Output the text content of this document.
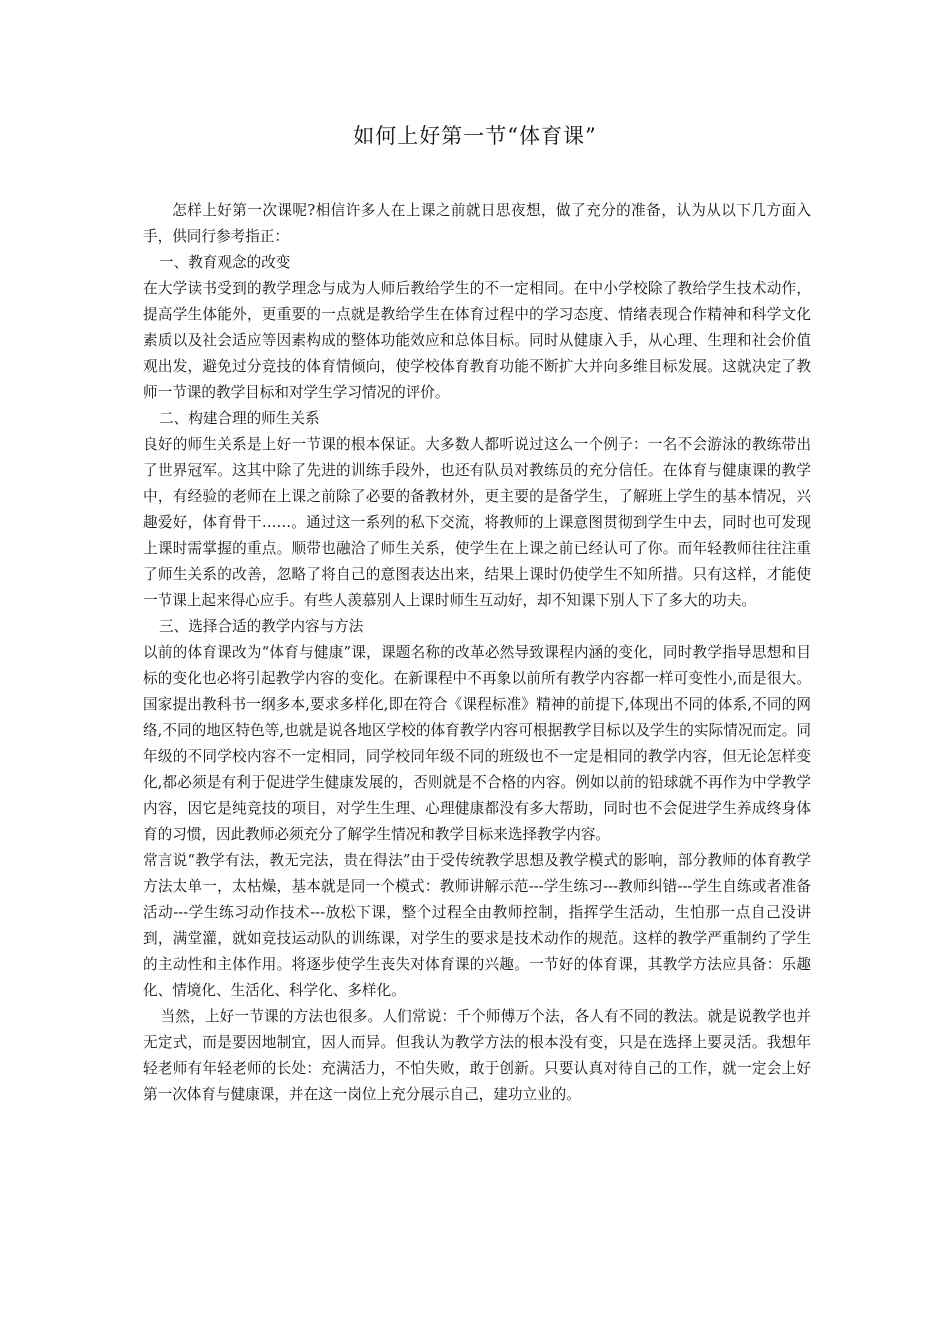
如何上好第一节“体育课”

怎样上好第一次课呢?相信许多人在上课之前就日思夜想，做了充分的准备，认为从以下几方面入手，供同行参考指正：

一、教育观念的改变

在大学读书受到的教学理念与成为人师后教给学生的不一定相同。在中小学校除了教给学生技术动作，提高学生体能外，更重要的一点就是教给学生在体育过程中的学习态度、情绪表现合作精神和科学文化素质以及社会适应等因素构成的整体功能效应和总体目标。同时从健康入手，从心理、生理和社会价值观出发，避免过分竞技的体育情倾向，使学校体育教育功能不断扩大并向多维目标发展。这就决定了教师一节课的教学目标和对学生学习情况的评价。

二、构建合理的师生关系

良好的师生关系是上好一节课的根本保证。大多数人都听说过这么一个例子：一名不会游泳的教练带出了世界冠军。这其中除了先进的训练手段外，也还有队员对教练员的充分信任。在体育与健康课的教学中，有经验的老师在上课之前除了必要的备教材外，更主要的是备学生，了解班上学生的基本情况，兴趣爱好，体育骨干……。通过这一系列的私下交流，将教师的上课意图贯彻到学生中去，同时也可发现上课时需掌握的重点。顺带也融洽了师生关系，使学生在上课之前已经认可了你。而年轻教师往往注重了师生关系的改善，忽略了将自己的意图表达出来，结果上课时仍使学生不知所措。只有这样，才能使一节课上起来得心应手。有些人羡慕别人上课时师生互动好，却不知课下别人下了多大的功夫。

三、选择合适的教学内容与方法

以前的体育课改为“体育与健康”课，课题名称的改革必然导致课程内涵的变化，同时教学指导思想和目标的变化也必将引起教学内容的变化。在新课程中不再象以前所有教学内容都一样可变性小,而是很大。国家提出教科书一纲多本,要求多样化,即在符合《课程标准》精神的前提下,体现出不同的体系,不同的网络,不同的地区特色等,也就是说各地区学校的体育教学内容可根据教学目标以及学生的实际情况而定。同年级的不同学校内容不一定相同，同学校同年级不同的班级也不一定是相同的教学内容，但无论怎样变化,都必须是有利于促进学生健康发展的，否则就是不合格的内容。例如以前的铅球就不再作为中学教学内容，因它是纯竞技的项目，对学生生理、心理健康都没有多大帮助，同时也不会促进学生养成终身体育的习惯，因此教师必须充分了解学生情况和教学目标来选择教学内容。

常言说“教学有法，教无完法，贵在得法”由于受传统教学思想及教学模式的影响，部分教师的体育教学方法太单一，太枯燥，基本就是同一个模式：教师讲解示范---学生练习---教师纠错---学生自练或者准备活动---学生练习动作技术---放松下课，整个过程全由教师控制，指挥学生活动，生怕那一点自己没讲到，满堂灌，就如竞技运动队的训练课，对学生的要求是技术动作的规范。这样的教学严重制约了学生的主动性和主体作用。将逐步使学生丧失对体育课的兴趣。一节好的体育课，其教学方法应具备：乐趣化、情境化、生活化、科学化、多样化。

当然，上好一节课的方法也很多。人们常说：千个师傅万个法，各人有不同的教法。就是说教学也并无定式，而是要因地制宜，因人而异。但我认为教学方法的根本没有变，只是在选择上要灵活。我想年轻老师有年轻老师的长处：充满活力，不怕失败，敢于创新。只要认真对待自己的工作，就一定会上好第一次体育与健康课，并在这一岗位上充分展示自己，建功立业的。
